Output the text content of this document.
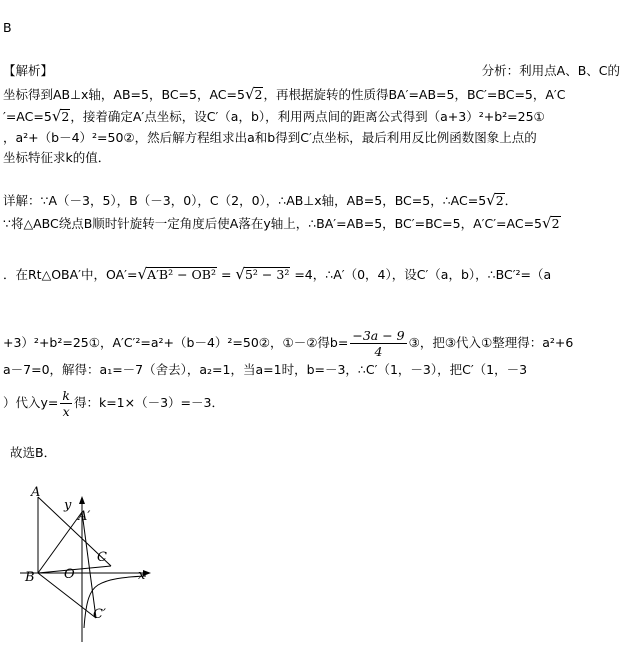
B
【解析】	分析：利用点A、B、C的
坐标得到AB⊥x轴，AB=5，BC=5，AC=5√2，再根据旋转的性质得BA′=AB=5，BC′=BC=5，A′C
′=AC=5√2，接着确定A′点坐标，设C′（a，b），利用两点间的距离公式得到（a+3）²+b²=25①
，a²+（b－4）²=50②，然后解方程组求出a和b得到C′点坐标，最后利用反比例函数图象上点的
坐标特征求k的值．
详解：∵A（－3，5），B（－3，0），C（2，0），∴AB⊥x轴，AB=5，BC=5，∴AC=5√2．
∵将△ABC绕点B顺时针旋转一定角度后使A落在y轴上，∴BA′=AB=5，BC′=BC=5，A′C′=AC=5√2
．在Rt△OBA′中，OA′=√A′B² − OB² = √5² − 3² =4，∴A′（0，4），设C′（a，b），∴BC′²=（a
+3）²+b²=25①，A′C′²=a²+（b－4）²=50②，①－②得$b= \frac{-3a - 9}{4}$ ③，把③代入①整理得：a²+6
a－7=0，解得：a₁=－7（舍去），a₂=1，当a=1时，b=－3，∴C′（1，－3），把C′（1，－3
）代入$y= \frac{k}{x}$ 得：k=1×（－3）=－3．
故选B．
A
y
A′
C
B O	x
C′
